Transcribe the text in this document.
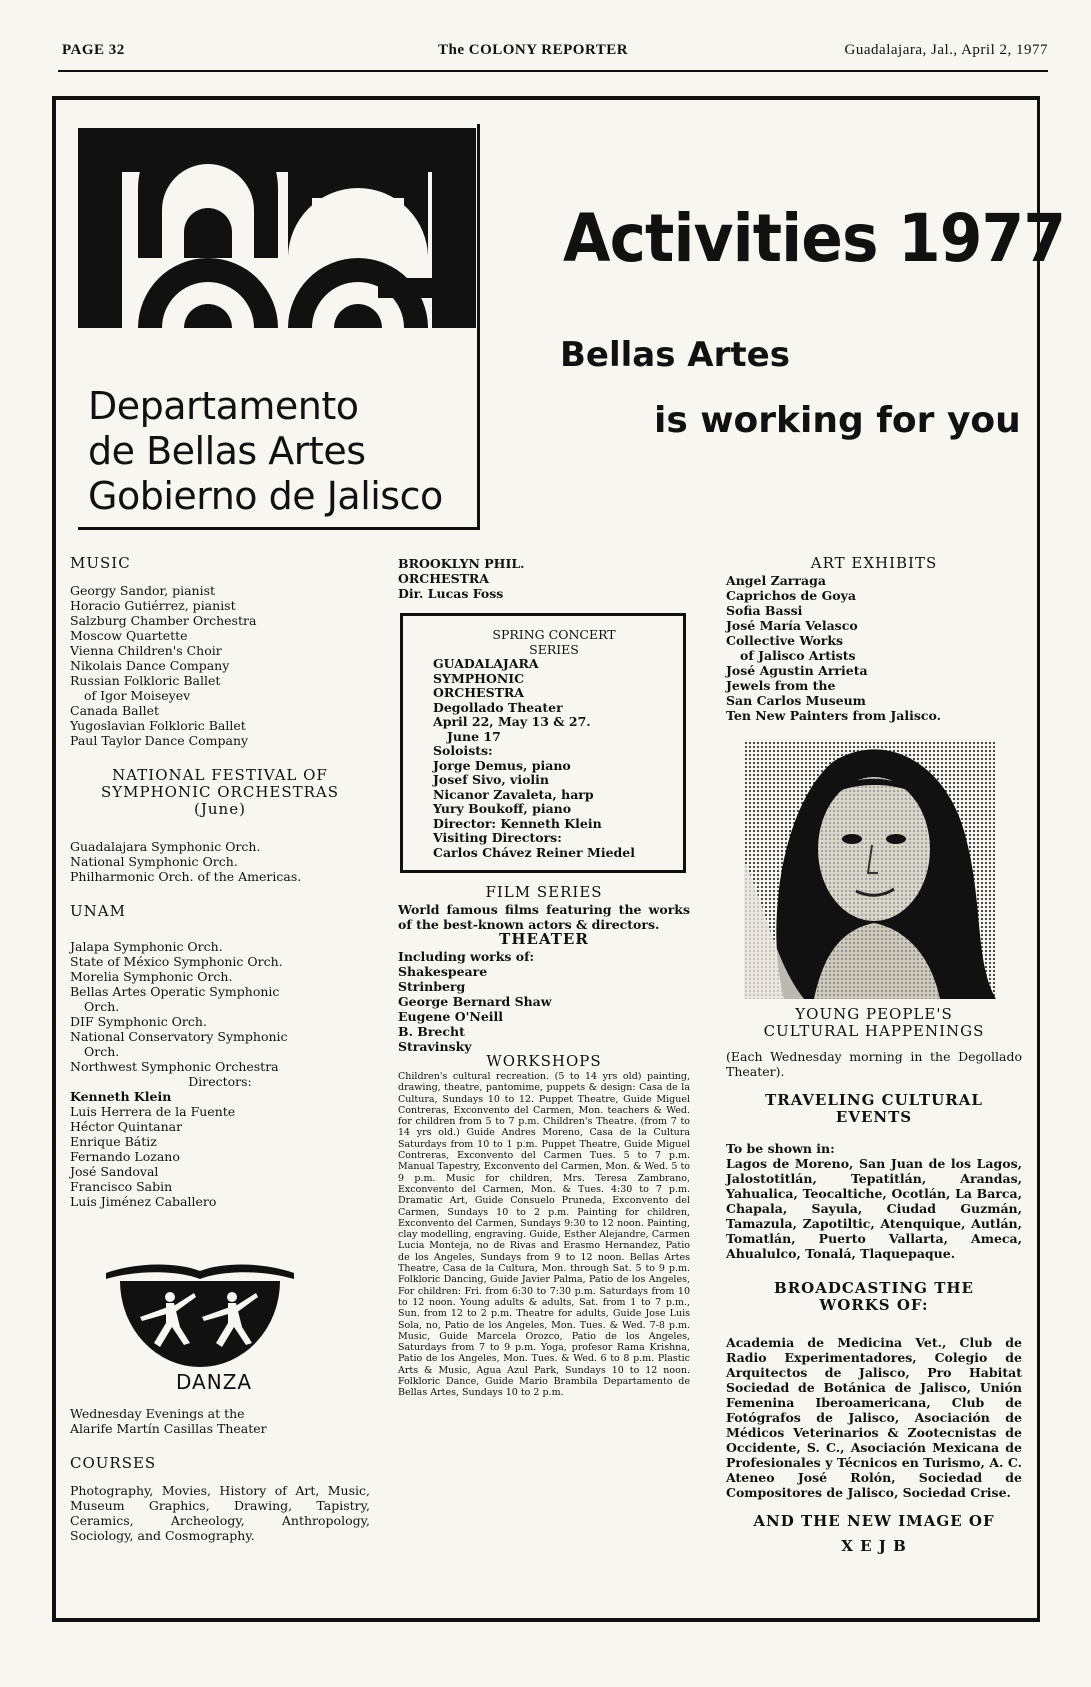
PAGE 32	The COLONY REPORTER	Guadalajara, Jal., April 2, 1977
Departamento
de Bellas Artes
Gobierno de Jalisco
Activities 1977
Bellas Artes
is working for you
MUSIC
Georgy Sandor, pianist
Horacio Gutiérrez, pianist
Salzburg Chamber Orchestra
Moscow Quartette
Vienna Children's Choir
Nikolais Dance Company
Russian Folkloric Ballet
of Igor Moiseyev
Canada Ballet
Yugoslavian Folkloric Ballet
Paul Taylor Dance Company
NATIONAL FESTIVAL OF
SYMPHONIC ORCHESTRAS
(June)
Guadalajara Symphonic Orch.
National Symphonic Orch.
Philharmonic Orch. of the Americas.
UNAM
Jalapa Symphonic Orch.
State of México Symphonic Orch.
Morelia Symphonic Orch.
Bellas Artes Operatic Symphonic
Orch.
DIF Symphonic Orch.
National Conservatory Symphonic
Orch.
Northwest Symphonic Orchestra
Directors:
Kenneth Klein
Luis Herrera de la Fuente
Héctor Quintanar
Enrique Bátiz
Fernando Lozano
José Sandoval
Francisco Sabin
Luis Jiménez Caballero
DANZA
Wednesday Evenings at the
Alarife Martín Casillas Theater
COURSES
Photography, Movies, History of Art, Music, Museum Graphics, Drawing, Tapistry, Ceramics, Archeology, Anthropology, Sociology, and Cosmography.
BROOKLYN PHIL.
ORCHESTRA
Dir. Lucas Foss
SPRING CONCERT
SERIES
GUADALAJARA
SYMPHONIC
ORCHESTRA
Degollado Theater
April 22, May 13 & 27.
June 17
Soloists:
Jorge Demus, piano
Josef Sivo, violin
Nicanor Zavaleta, harp
Yury Boukoff, piano
Director: Kenneth Klein
Visiting Directors:
Carlos Chávez Reiner Miedel
FILM SERIES
World famous films featuring the works of the best-known actors & directors.
THEATER
Including works of:
Shakespeare
Strinberg
George Bernard Shaw
Eugene O'Neill
B. Brecht
Stravinsky
WORKSHOPS
Children's cultural recreation. (5 to 14 yrs old) painting, drawing, theatre, pantomime, puppets & design: Casa de la Cultura, Sundays 10 to 12. Puppet Theatre, Guide Miguel Contreras, Exconvento del Carmen, Mon. teachers & Wed. for children from 5 to 7 p.m. Children's Theatre. (from 7 to 14 yrs old.) Guide Andres Moreno, Casa de la Cultura Saturdays from 10 to 1 p.m. Puppet Theatre, Guide Miguel Contreras, Exconvento del Carmen Tues. 5 to 7 p.m. Manual Tapestry, Exconvento del Carmen, Mon. & Wed. 5 to 9 p.m. Music for children, Mrs. Teresa Zambrano, Exconvento del Carmen, Mon. & Tues. 4:30 to 7 p.m. Dramatic Art, Guide Consuelo Pruneda, Exconvento del Carmen, Sundays 10 to 2 p.m. Painting for children, Exconvento del Carmen, Sundays 9:30 to 12 noon. Painting, clay modelling, engraving. Guide, Esther Alejandre, Carmen Lucia Monteja, no de Rivas and Erasmo Hernandez, Patio de los Angeles, Sundays from 9 to 12 noon. Bellas Artes Theatre, Casa de la Cultura, Mon. through Sat. 5 to 9 p.m. Folkloric Dancing, Guide Javier Palma, Patio de los Angeles, For children: Fri. from 6:30 to 7:30 p.m. Saturdays from 10 to 12 noon. Young adults & adults, Sat. from 1 to 7 p.m., Sun. from 12 to 2 p.m. Theatre for adults, Guide Jose Luis Sola, no, Patio de los Angeles, Mon. Tues. & Wed. 7-8 p.m. Music, Guide Marcela Orozco, Patio de los Angeles, Saturdays from 7 to 9 p.m. Yoga, profesor Rama Krishna, Patio de los Angeles, Mon. Tues. & Wed. 6 to 8 p.m. Plastic Arts & Music, Agua Azul Park, Sundays 10 to 12 noon. Folkloric Dance, Guide Mario Brambila Departamento de Bellas Artes, Sundays 10 to 2 p.m.
ART EXHIBITS
Angel Zarraga
Caprichos de Goya
Sofia Bassi
José María Velasco
Collective Works
of Jalisco Artists
José Agustin Arrieta
Jewels from the
San Carlos Museum
Ten New Painters from Jalisco.
YOUNG PEOPLE'S
CULTURAL HAPPENINGS
(Each Wednesday morning in the Degollado Theater).
TRAVELING CULTURAL
EVENTS
To be shown in:
Lagos de Moreno, San Juan de los Lagos, Jalostotitlán, Tepatitlán, Arandas, Yahualica, Teocaltiche, Ocotlán, La Barca, Chapala, Sayula, Ciudad Guzmán, Tamazula, Zapotiltic, Atenquique, Autlán, Tomatlán, Puerto Vallarta, Ameca, Ahualulco, Tonalá, Tlaquepaque.
BROADCASTING THE
WORKS OF:
Academia de Medicina Vet., Club de Radio Experimentadores, Colegio de Arquitectos de Jalisco, Pro Habitat Sociedad de Botánica de Jalisco, Unión Femenina Iberoamericana, Club de Fotógrafos de Jalisco, Asociación de Médicos Veterinarios & Zootecnistas de Occidente, S. C., Asociación Mexicana de Profesionales y Técnicos en Turismo, A. C. Ateneo José Rolón, Sociedad de Compositores de Jalisco, Sociedad Crise.
AND THE NEW IMAGE OF
X E J B
